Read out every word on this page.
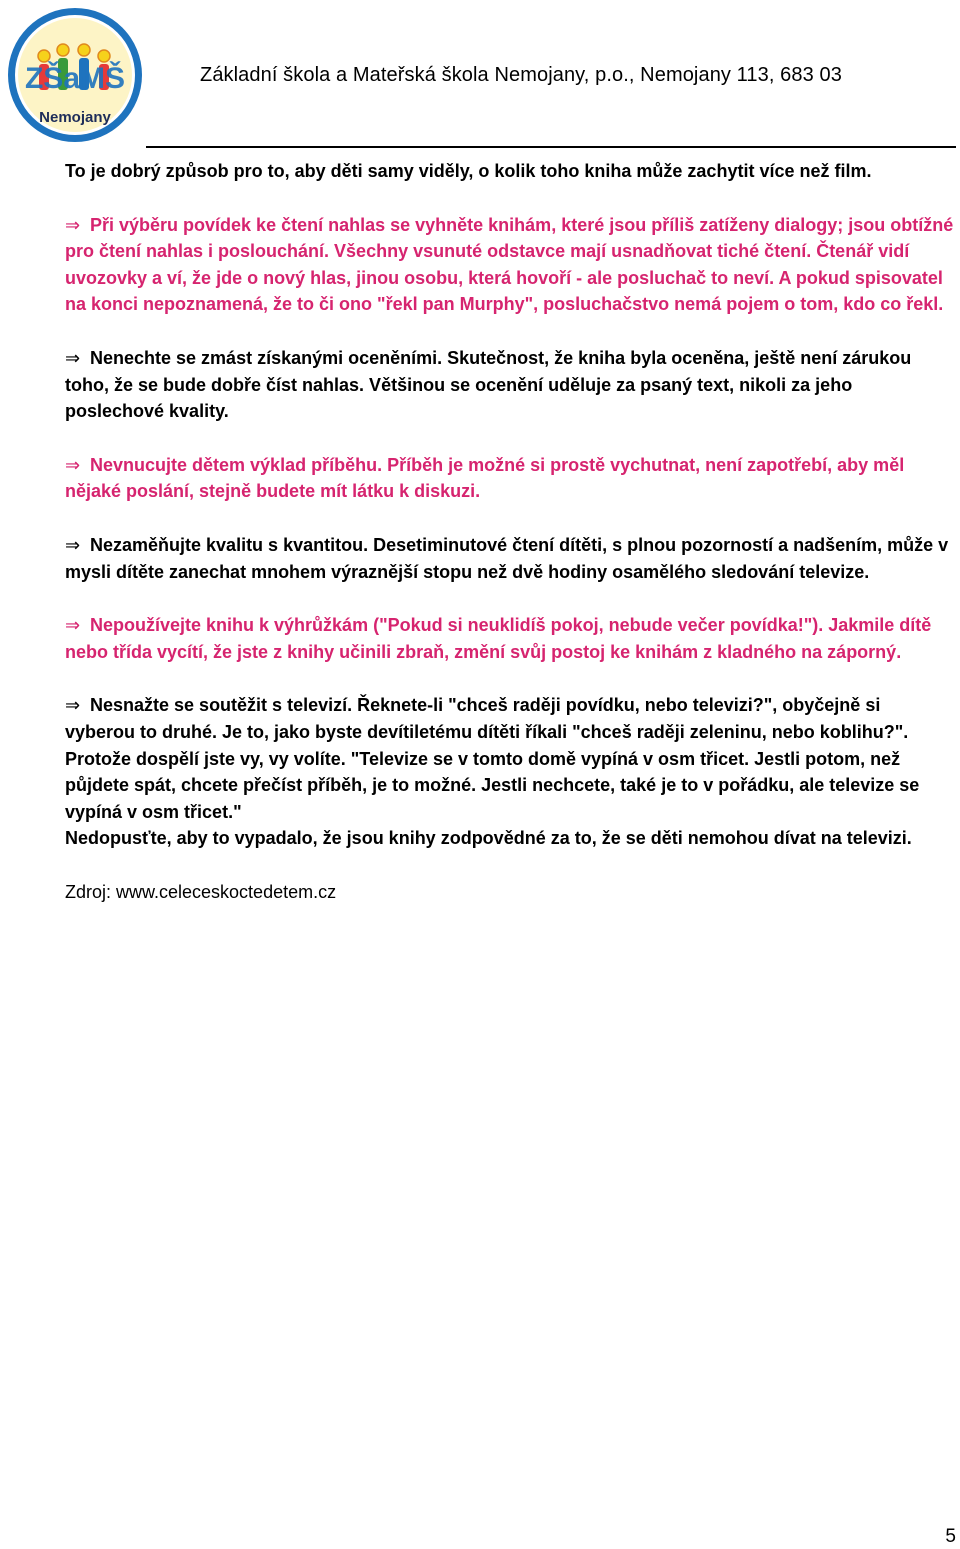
ZŠaMŠ
Nemojany
Základní škola a Mateřská škola Nemojany, p.o., Nemojany 113, 683 03

To je dobrý způsob pro to, aby děti samy viděly, o kolik toho kniha může zachytit více než film.

⇒ Při výběru povídek ke čtení nahlas se vyhněte knihám, které jsou příliš zatíženy dialogy; jsou obtížné pro čtení nahlas i poslouchání. Všechny vsunuté odstavce mají usnadňovat tiché čtení. Čtenář vidí uvozovky a ví, že jde o nový hlas, jinou osobu, která hovoří - ale posluchač to neví. A pokud spisovatel na konci nepoznamená, že to či ono "řekl pan Murphy", posluchačstvo nemá pojem o tom, kdo co řekl.

⇒ Nenechte se zmást získanými oceněními. Skutečnost, že kniha byla oceněna, ještě není zárukou toho, že se bude dobře číst nahlas. Většinou se ocenění uděluje za psaný text, nikoli za jeho poslechové kvality.

⇒ Nevnucujte dětem výklad příběhu. Příběh je možné si prostě vychutnat, není zapotřebí, aby měl nějaké poslání, stejně budete mít látku k diskuzi.

⇒ Nezaměňujte kvalitu s kvantitou. Desetiminutové čtení dítěti, s plnou pozorností a nadšením, může v mysli dítěte zanechat mnohem výraznější stopu než dvě hodiny osamělého sledování televize.

⇒ Nepoužívejte knihu k výhrůžkám ("Pokud si neuklidíš pokoj, nebude večer povídka!"). Jakmile dítě nebo třída vycítí, že jste z knihy učinili zbraň, změní svůj postoj ke knihám z kladného na záporný.

⇒ Nesnažte se soutěžit s televizí. Řeknete-li "chceš raději povídku, nebo televizi?", obyčejně si vyberou to druhé. Je to, jako byste devítiletému dítěti říkali "chceš raději zeleninu, nebo koblihu?". Protože dospělí jste vy, vy volíte. "Televize se v tomto domě vypíná v osm třicet. Jestli potom, než půjdete spát, chcete přečíst příběh, je to možné. Jestli nechcete, také je to v pořádku, ale televize se vypíná v osm třicet."

Nedopusťte, aby to vypadalo, že jsou knihy zodpovědné za to, že se děti nemohou dívat na televizi.

Zdroj: www.celeceskoctedetem.cz

5
